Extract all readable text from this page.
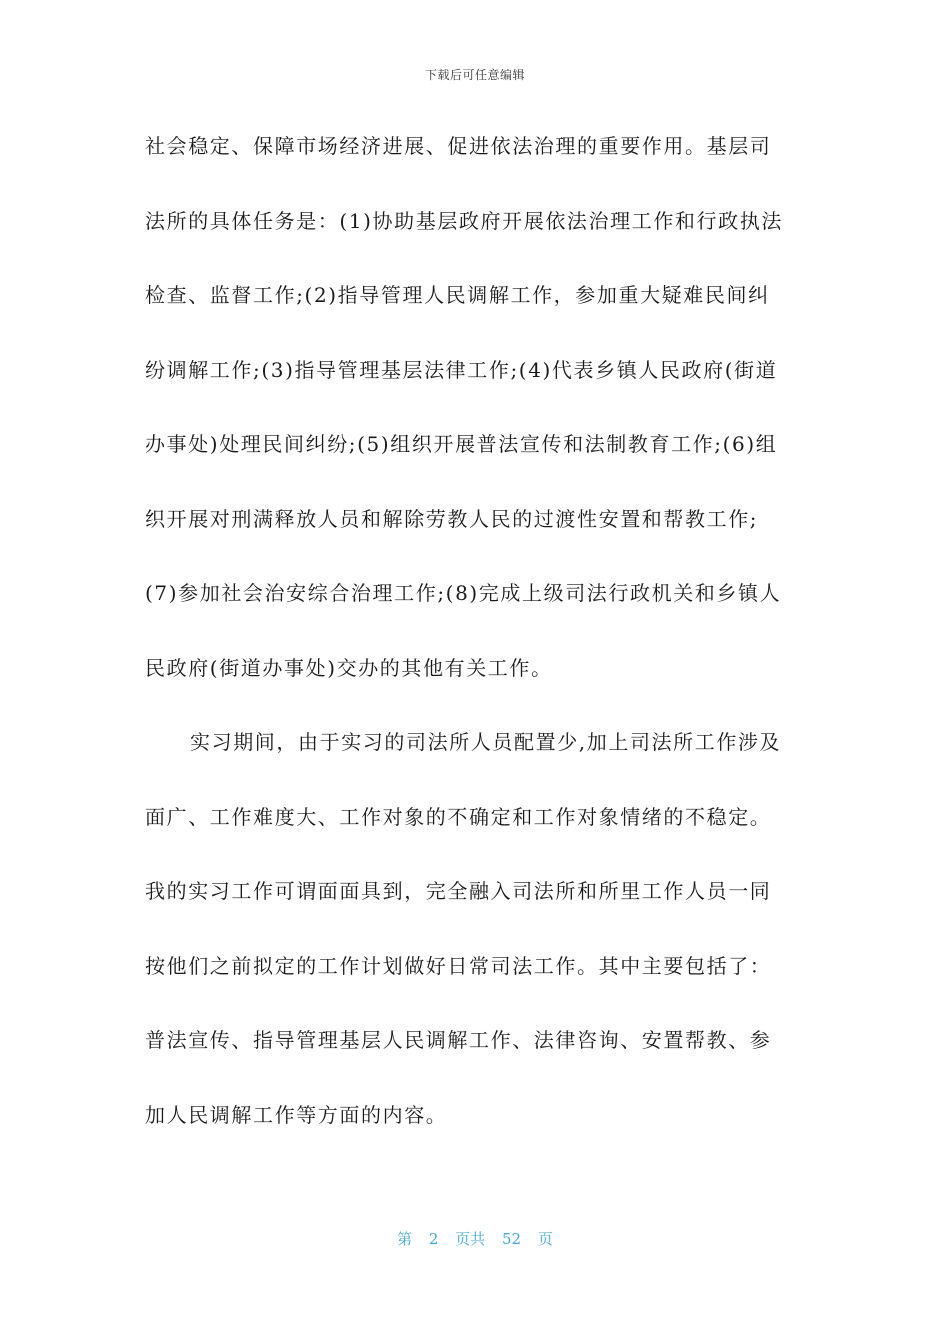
下载后可任意编辑
社会稳定、保障市场经济进展、促进依法治理的重要作用。基层司
法所的具体任务是：(1)协助基层政府开展依法治理工作和行政执法
检查、监督工作;(2)指导管理人民调解工作，参加重大疑难民间纠
纷调解工作;(3)指导管理基层法律工作;(4)代表乡镇人民政府(街道
办事处)处理民间纠纷;(5)组织开展普法宣传和法制教育工作;(6)组
织开展对刑满释放人员和解除劳教人民的过渡性安置和帮教工作;
(7)参加社会治安综合治理工作;(8)完成上级司法行政机关和乡镇人
民政府(街道办事处)交办的其他有关工作。
实习期间，由于实习的司法所人员配置少,加上司法所工作涉及
面广、工作难度大、工作对象的不确定和工作对象情绪的不稳定。
我的实习工作可谓面面具到，完全融入司法所和所里工作人员一同
按他们之前拟定的工作计划做好日常司法工作。其中主要包括了：
普法宣传、指导管理基层人民调解工作、法律咨询、安置帮教、参
加人民调解工作等方面的内容。
第 2 页共 52 页
